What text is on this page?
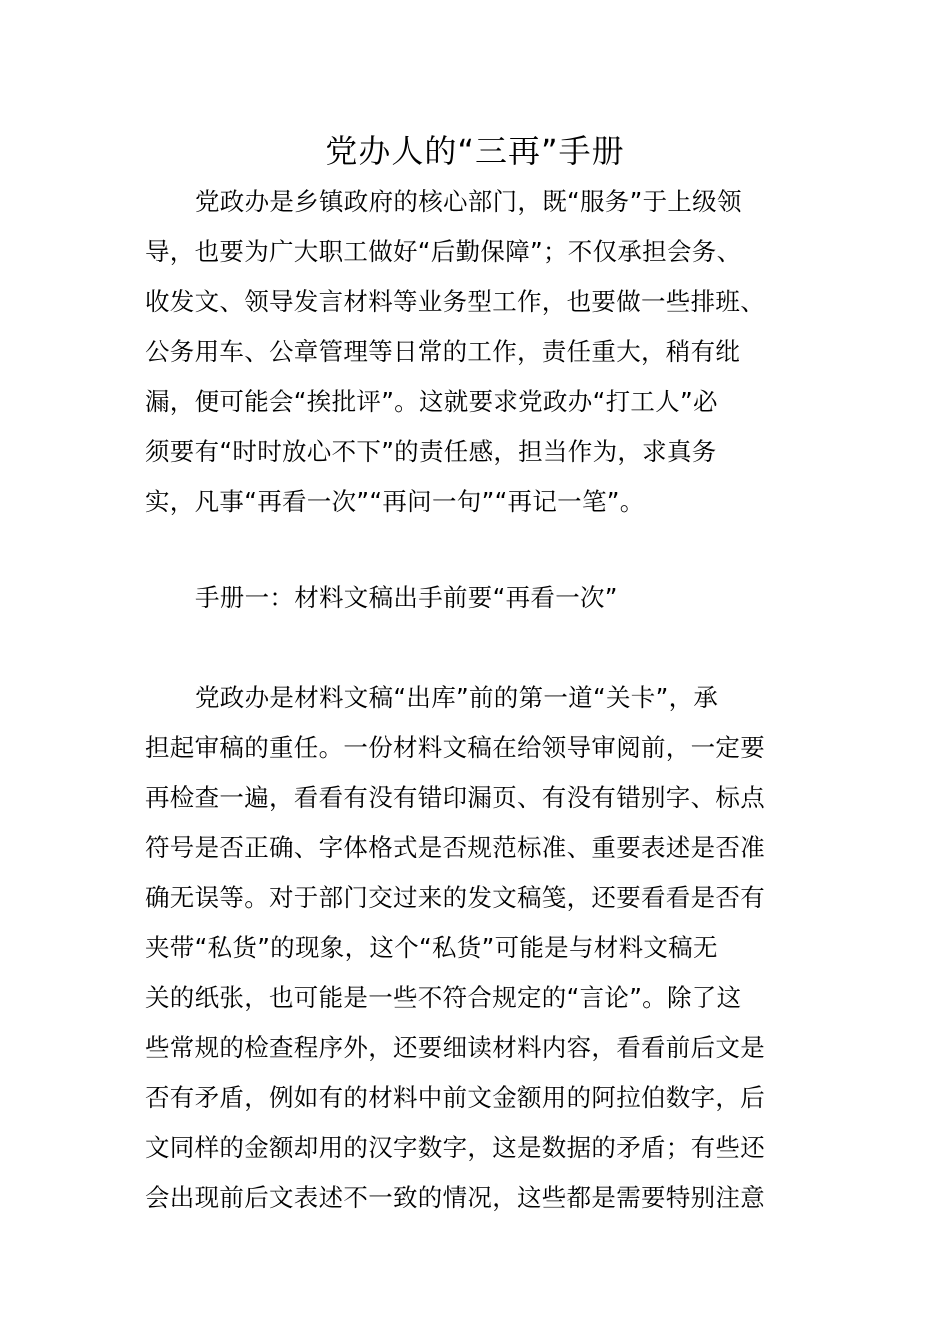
党办人的“三再”手册
党政办是乡镇政府的核心部门，既“服务”于上级领
导，也要为广大职工做好“后勤保障”；不仅承担会务、
收发文、领导发言材料等业务型工作，也要做一些排班、
公务用车、公章管理等日常的工作，责任重大，稍有纰
漏，便可能会“挨批评”。这就要求党政办“打工人”必
须要有“时时放心不下”的责任感，担当作为，求真务
实，凡事“再看一次”“再问一句”“再记一笔”。
手册一：材料文稿出手前要“再看一次”
党政办是材料文稿“出库”前的第一道“关卡”，承
担起审稿的重任。一份材料文稿在给领导审阅前，一定要
再检查一遍，看看有没有错印漏页、有没有错别字、标点
符号是否正确、字体格式是否规范标准、重要表述是否准
确无误等。对于部门交过来的发文稿笺，还要看看是否有
夹带“私货”的现象，这个“私货”可能是与材料文稿无
关的纸张，也可能是一些不符合规定的“言论”。除了这
些常规的检查程序外，还要细读材料内容，看看前后文是
否有矛盾，例如有的材料中前文金额用的阿拉伯数字，后
文同样的金额却用的汉字数字，这是数据的矛盾；有些还
会出现前后文表述不一致的情况，这些都是需要特别注意
